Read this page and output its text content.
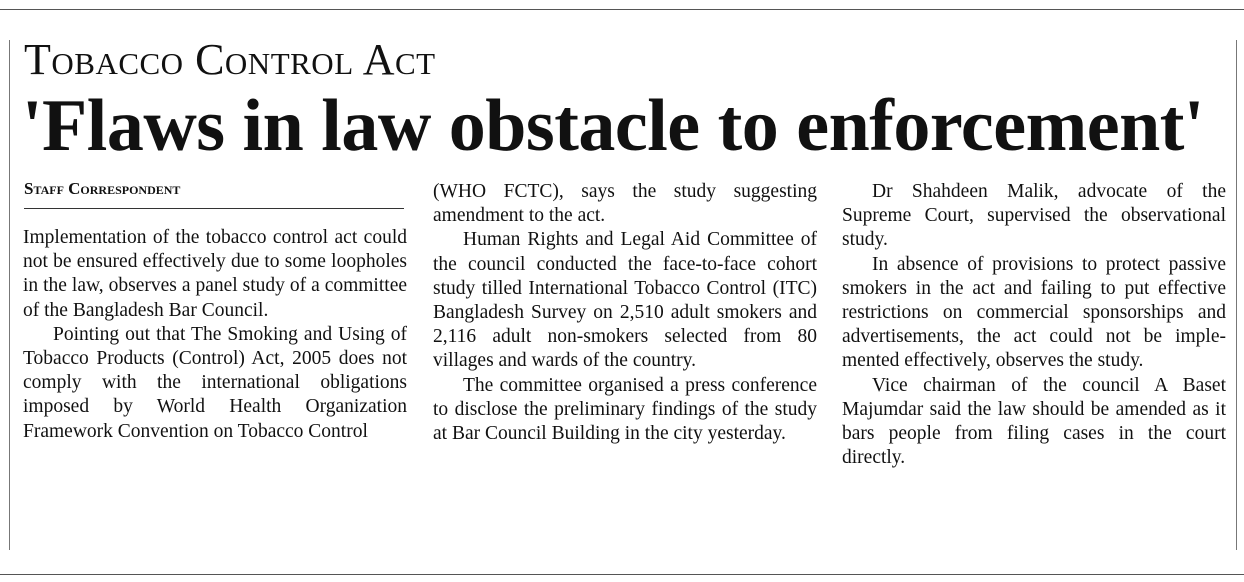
Tobacco Control Act
'Flaws in law obstacle to enforcement'
Staff Correspondent

Implementation of the tobacco control act could not be ensured effectively due to some loopholes in the law, observes a panel study of a committee of the Bangladesh Bar Council.

Pointing out that The Smoking and Using of Tobacco Products (Control) Act, 2005 does not comply with the international obligations imposed by World Health Organization Framework Convention on Tobacco Control

(WHO FCTC), says the study suggesting amendment to the act.

Human Rights and Legal Aid Committee of the council conducted the face-to-face cohort study tilled International Tobacco Control (ITC) Bangladesh Survey on 2,510 adult smokers and 2,116 adult non-smokers selected from 80 villages and wards of the country.

The committee organised a press conference to disclose the preliminary findings of the study at Bar Council Building in the city yesterday.

Dr Shahdeen Malik, advocate of the Supreme Court, supervised the observational study.

In absence of provisions to protect passive smokers in the act and failing to put effective restrictions on commercial sponsorships and advertisements, the act could not be implemented effectively, observes the study.

Vice chairman of the council A Baset Majumdar said the law should be amended as it bars people from filing cases in the court directly.
